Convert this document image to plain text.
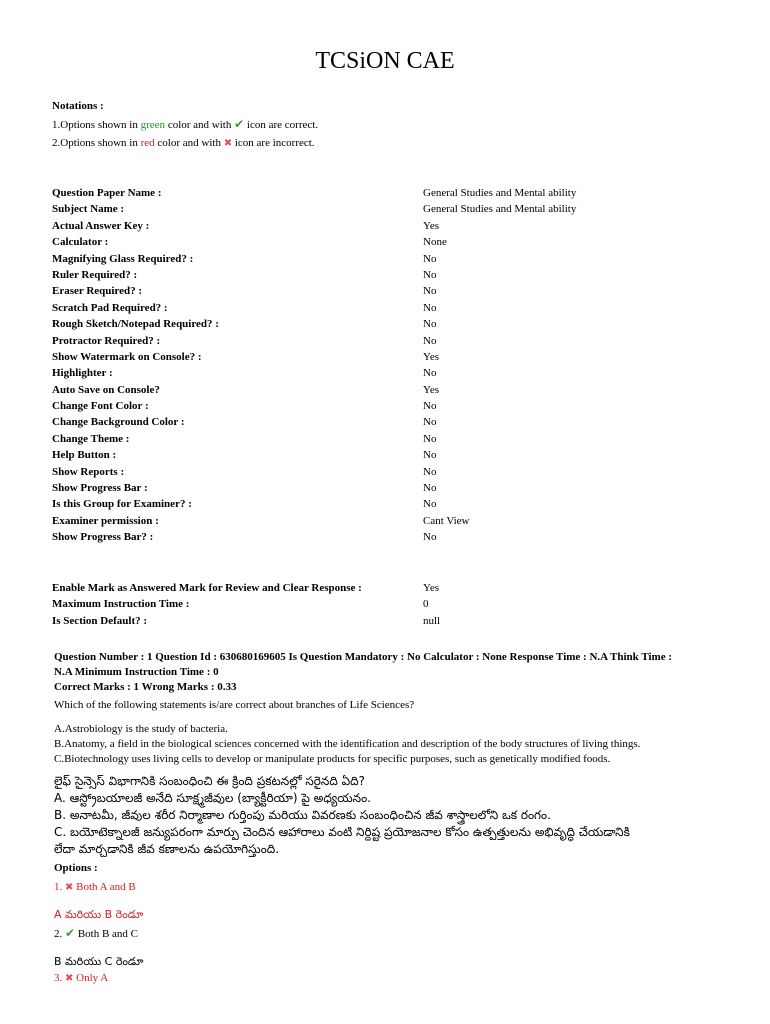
TCSiON CAE
Notations :
1.Options shown in green color and with ✔ icon are correct.
2.Options shown in red color and with ✖ icon are incorrect.
Question Paper Name :	General Studies and Mental ability
Subject Name :	General Studies and Mental ability
Actual Answer Key :	Yes
Calculator :	None
Magnifying Glass Required? :	No
Ruler Required? :	No
Eraser Required? :	No
Scratch Pad Required? :	No
Rough Sketch/Notepad Required? :	No
Protractor Required? :	No
Show Watermark on Console? :	Yes
Highlighter :	No
Auto Save on Console?	Yes
Change Font Color :	No
Change Background Color :	No
Change Theme :	No
Help Button :	No
Show Reports :	No
Show Progress Bar :	No
Is this Group for Examiner? :	No
Examiner permission :	Cant View
Show Progress Bar? :	No
Enable Mark as Answered Mark for Review and Clear Response :	Yes
Maximum Instruction Time :	0
Is Section Default? :	null
Question Number : 1 Question Id : 630680169605 Is Question Mandatory : No Calculator : None Response Time : N.A Think Time :
N.A Minimum Instruction Time : 0
Correct Marks : 1 Wrong Marks : 0.33
Which of the following statements is/are correct about branches of Life Sciences?
A.Astrobiology is the study of bacteria.
B.Anatomy, a field in the biological sciences concerned with the identification and description of the body structures of living things.
C.Biotechnology uses living cells to develop or manipulate products for specific purposes, such as genetically modified foods.
లైఫ్ సైన్సెస్ విభాగానికి సంబంధించి ఈ క్రింది ప్రకటనల్లో సరైనది ఏది?
A. ఆస్ట్రోబయాలజీ అనేది సూక్ష్మజీవుల (బ్యాక్టీరియా) పై అధ్యయనం.
B. అనాటమీ, జీవుల శరీర నిర్మాణాల గుర్తింపు మరియు వివరణకు సంబంధించిన జీవ శాస్త్రాలలోని ఒక రంగం.
C. బయోటెక్నాలజీ జన్యుపరంగా మార్పు చెందిన ఆహారాలు వంటి నిర్దిష్ట ప్రయోజనాల కోసం ఉత్పత్తులను అభివృద్ధి చేయడానికి
లేదా మార్చడానికి జీవ కణాలను ఉపయోగిస్తుంది.
Options :
1. ✖ Both A and B
A మరియు B రెండూ
2. ✔ Both B and C
B మరియు C రెండూ
3. ✖ Only A
